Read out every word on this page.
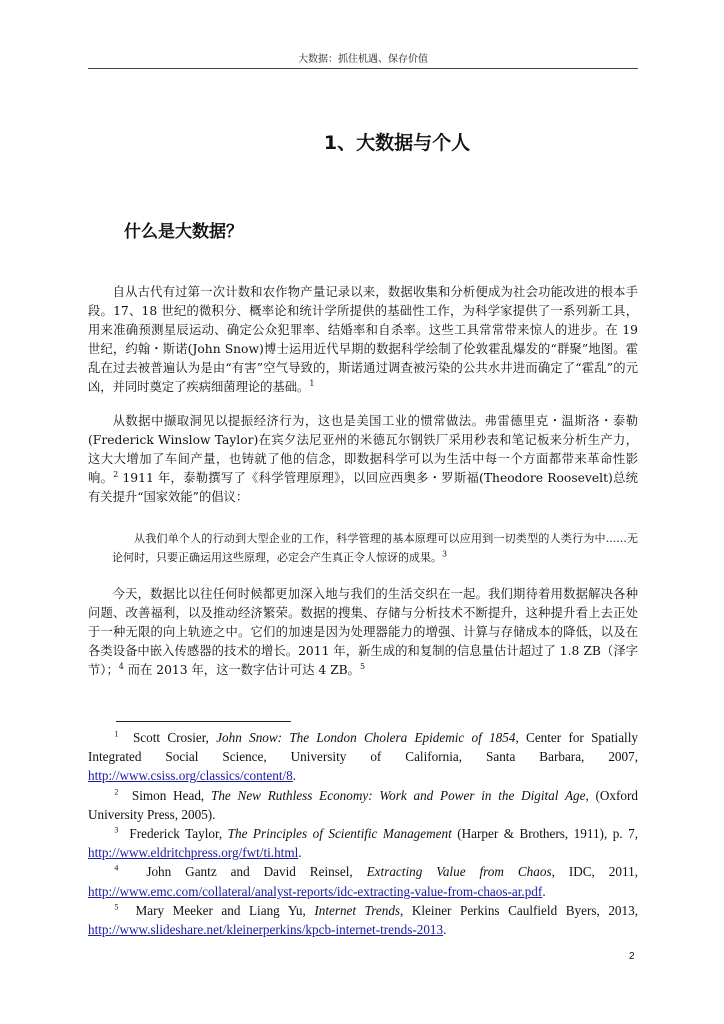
大数据：抓住机遇、保存价值
1、大数据与个人
什么是大数据？

自从古代有过第一次计数和农作物产量记录以来，数据收集和分析便成为社会功能改进的根本手段。17、18 世纪的微积分、概率论和统计学所提供的基础性工作，为科学家提供了一系列新工具，用来准确预测星辰运动、确定公众犯罪率、结婚率和自杀率。这些工具常常带来惊人的进步。在 19 世纪，约翰・斯诺(John Snow)博士运用近代早期的数据科学绘制了伦敦霍乱爆发的“群聚”地图。霍乱在过去被普遍认为是由“有害”空气导致的，斯诺通过调查被污染的公共水井进而确定了“霍乱”的元凶，并同时奠定了疾病细菌理论的基础。$^1$

从数据中撷取洞见以提振经济行为，这也是美国工业的惯常做法。弗雷德里克・温斯洛・泰勒(Frederick Winslow Taylor)在宾夕法尼亚州的米德瓦尔钢铁厂采用秒表和笔记板来分析生产力，这大大增加了车间产量，也铸就了他的信念，即数据科学可以为生活中每一个方面都带来革命性影响。$^2$ 1911 年，泰勒撰写了《科学管理原理》，以回应西奥多・罗斯福(Theodore Roosevelt)总统有关提升“国家效能”的倡议：

从我们单个人的行动到大型企业的工作，科学管理的基本原理可以应用到一切类型的人类行为中......无论何时，只要正确运用这些原理，必定会产生真正令人惊讶的成果。$^3$

今天，数据比以往任何时候都更加深入地与我们的生活交织在一起。我们期待着用数据解决各种问题、改善福利，以及推动经济繁荣。数据的搜集、存储与分析技术不断提升，这种提升看上去正处于一种无限的向上轨迹之中。它们的加速是因为处理器能力的增强、计算与存储成本的降低，以及在各类设备中嵌入传感器的技术的增长。2011 年，新生成的和复制的信息量估计超过了 1.8 ZB（泽字节）；$^4$ 而在 2013 年，这一数字估计可达 4 ZB。$^5$

$^1$ Scott Crosier, John Snow: The London Cholera Epidemic of 1854, Center for Spatially Integrated Social Science, University of California, Santa Barbara, 2007, http://www.csiss.org/classics/content/8.

$^2$ Simon Head, The New Ruthless Economy: Work and Power in the Digital Age, (Oxford University Press, 2005).

$^3$ Frederick Taylor, The Principles of Scientific Management (Harper & Brothers, 1911), p. 7, http://www.eldritchpress.org/fwt/ti.html.

$^4$ John Gantz and David Reinsel, Extracting Value from Chaos, IDC, 2011, http://www.emc.com/collateral/analyst-reports/idc-extracting-value-from-chaos-ar.pdf.

$^5$ Mary Meeker and Liang Yu, Internet Trends, Kleiner Perkins Caulfield Byers, 2013, http://www.slideshare.net/kleinerperkins/kpcb-internet-trends-2013.

2
